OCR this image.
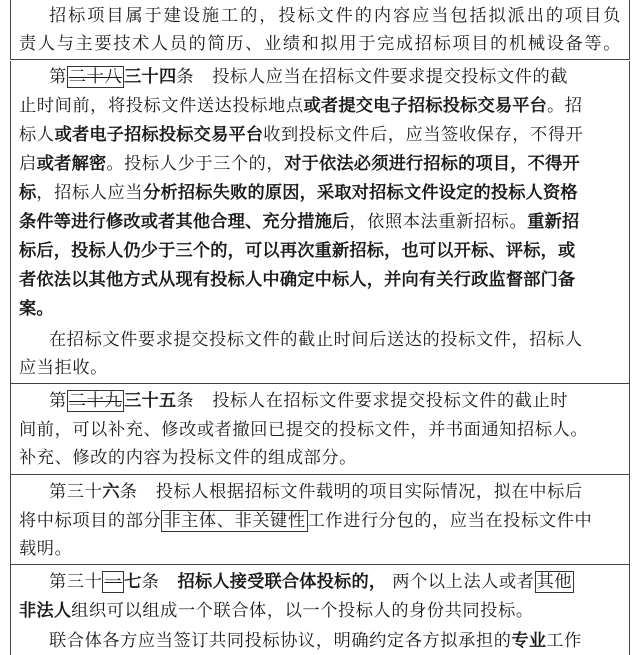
招标项目属于建设施工的，投标文件的内容应当包括拟派出的项目负
责人与主要技术人员的简历、业绩和拟用于完成招标项目的机械设备等。
第 二十八 三十四条 投标人应当在招标文件要求提交投标文件的截
止时间前，将投标文件送达投标地点或者提交电子招标投标交易平台。招
标人或者电子招标投标交易平台收到投标文件后，应当签收保存，不得开
启或者解密。投标人少于三个的，对于依法必须进行招标的项目，不得开
标，招标人应当分析招标失败的原因，采取对招标文件设定的投标人资格
条件等进行修改或者其他合理、充分措施后，依照本法重新招标。重新招
标后，投标人仍少于三个的，可以再次重新招标，也可以开标、评标，或
者依法以其他方式从现有投标人中确定中标人，并向有关行政监督部门备
案。
在招标文件要求提交投标文件的截止时间后送达的投标文件，招标人
应当拒收。
第 二十九 三十五条 投标人在招标文件要求提交投标文件的截止时
间前，可以补充、修改或者撤回已提交的投标文件，并书面通知招标人。
补充、修改的内容为投标文件的组成部分。
第三十六条 投标人根据招标文件载明的项目实际情况，拟在中标后
将中标项目的部分 非主体、非关键性 工作进行分包的，应当在投标文件中
载明。
第三十 一 七条 招标人接受联合体投标的， 两个以上法人或者 其他
非法人组织可以组成一个联合体，以一个投标人的身份共同投标。
联合体各方应当签订共同投标协议，明确约定各方拟承担的专业工作
